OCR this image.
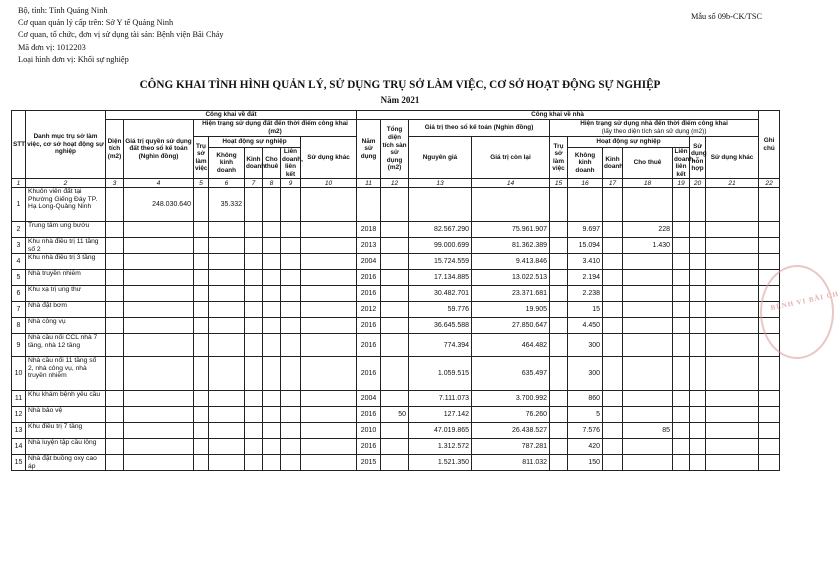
Bộ, tỉnh: Tỉnh Quảng Ninh
Cơ quan quản lý cấp trên: Sở Y tế Quảng Ninh
Cơ quan, tổ chức, đơn vị sử dụng tài sản: Bệnh viện Bãi Cháy
Mã đơn vị: 1012203
Loại hình đơn vị: Khối sự nghiệp
Mẫu số 09b-CK/TSC
CÔNG KHAI TÌNH HÌNH QUẢN LÝ, SỬ DỤNG TRỤ SỞ LÀM VIỆC, CƠ SỞ HOẠT ĐỘNG SỰ NGHIỆP
Năm 2021
STT	Danh mục trụ sở làm việc, cơ sở hoạt động sự nghiệp	Công khai về đất								Công khai về nhà											Ghi chú
		Diện tích (m2)	Giá trị quyền sử dụng đất theo sổ kế toán (Nghìn đồng)	Hiện trạng sử dụng đất đến thời điểm công khai (m2)						Năm sử dụng	Tổng diện tích sàn sử dụng (m2)	Giá trị theo sổ kế toán (Nghìn đồng)		Hiện trạng sử dụng nhà đến thời điểm công khai
(lấy theo diện tích sàn sử dụng (m2))							
				Trụ sở làm việc	Hoạt động sự nghiệp				Sử dụng khác			Nguyên giá	Giá trị còn lại	Trụ sở làm việc	Hoạt động sự nghiệp				Sử dụng hỗn hợp	Sử dụng khác	
					Không kinh doanh	Kinh doanh	Cho thuê	Liên doanh, liên kết							Không kinh doanh	Kinh doanh	Cho thuê	Liên doanh, liên kết			
1	2	3	4	5	6	7	8	9	10	11	12	13	14	15	16	17	18	19	20	21	22
1	Khuôn viên đất tại Phường Giếng Đáy TP. Hạ Long-Quảng Ninh		248.030.640		35.332																
2	Trung tâm ung bướu									2018		82.567.290	75.961.907		9.697		228				
3	Khu nhà điều trị 11 tầng số 2									2013		99.000.699	81.362.389		15.094		1.430				
4	Khu nhà điều trị 3 tầng									2004		15.724.559	9.413.846		3.410						
5	Nhà truyền nhiễm									2016		17.134.885	13.022.513		2.194						
6	Khu xạ trị ung thư									2016		30.482.701	23.371.681		2.238						
7	Nhà đặt bơm									2012		59.776	19.905		15						
8	Nhà công vụ									2016		36.645.588	27.850.647		4.450						
9	Nhà cầu nối CCL nhà 7 tầng, nhà 12 tầng									2016		774.394	464.482		300						
10	Nhà cầu nối 11 tầng số 2, nhà công vụ, nhà truyền nhiễm									2016		1.059.515	635.497		300						
11	Khu khám bệnh yêu cầu									2004		7.111.073	3.700.992		860						
12	Nhà bảo vệ									2016	50	127.142	76.260		5						
13	Khu điều trị 7 tầng									2010		47.019.865	26.438.527		7.576		85				
14	Nhà luyện tập cầu lông									2016		1.312.572	787.281		420						
15	Nhà đặt buồng oxy cao áp									2015		1.521.350	811.032		150						
BỆNH VI BÃI CH
